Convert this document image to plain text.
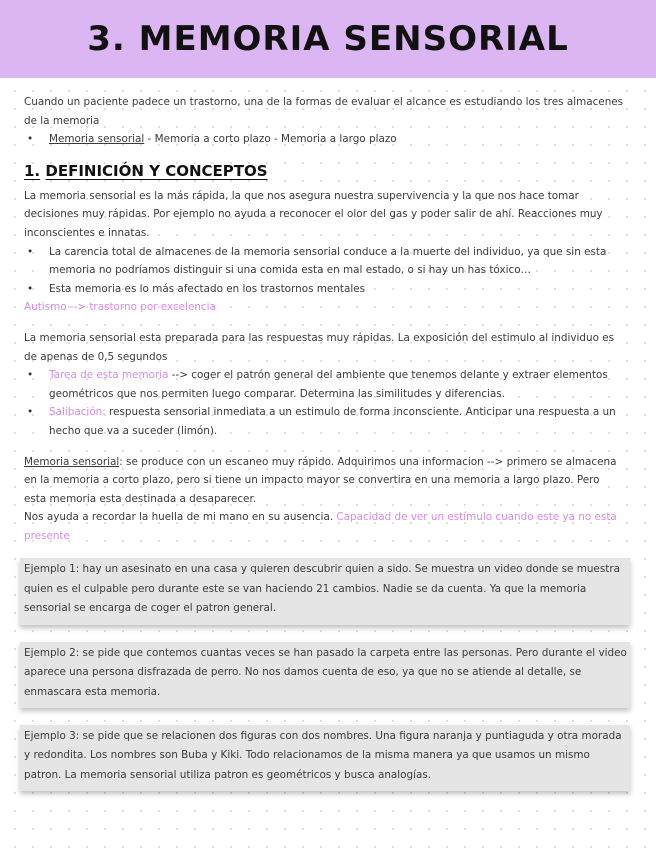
3. MEMORIA SENSORIAL

Cuando un paciente padece un trastorno, una de la formas de evaluar el alcance es estudiando los tres almacenes de la memoria

• Memoria sensorial - Memoria a corto plazo - Memoria a largo plazo
1. DEFINICIÓN Y CONCEPTOS

La memoria sensorial es la más rápida, la que nos asegura nuestra supervivencia y la que nos hace tomar decisiones muy rápidas. Por ejemplo no ayuda a reconocer el olor del gas y poder salir de ahí. Reacciones muy inconscientes e innatas.

• La carencia total de almacenes de la memoria sensorial conduce a la muerte del individuo, ya que sin esta memoria no podríamos distinguir si una comida esta en mal estado, o si hay un has tóxico…
• Esta memoria es lo más afectado en los trastornos mentales

Autismo --> trastorno por excelencia

La memoria sensorial esta preparada para las respuestas muy rápidas. La exposición del estimulo al individuo es de apenas de 0,5 segundos

• Tarea de esta memoria --> coger el patrón general del ambiente que tenemos delante y extraer elementos geométricos que nos permiten luego comparar. Determina las similitudes y diferencias.
• Salibación: respuesta sensorial inmediata a un estimulo de forma inconsciente. Anticipar una respuesta a un hecho que va a suceder (limón).

Memoria sensorial: se produce con un escaneo muy rápido. Adquirimos una informacion --> primero se almacena en la memoria a corto plazo, pero si tiene un impacto mayor se convertira en una memoria a largo plazo. Pero esta memoria esta destinada a desaparecer.

Nos ayuda a recordar la huella de mi mano en su ausencia. Capacidad de ver un estímulo cuando este ya no esta presente

Ejemplo 1: hay un asesinato en una casa y quieren descubrir quien a sido. Se muestra un video donde se muestra quien es el culpable pero durante este se van haciendo 21 cambios. Nadie se da cuenta. Ya que la memoria sensorial se encarga de coger el patron general.

Ejemplo 2: se pide que contemos cuantas veces se han pasado la carpeta entre las personas. Pero durante el video aparece una persona disfrazada de perro. No nos damos cuenta de eso, ya que no se atiende al detalle, se enmascara esta memoria.

Ejemplo 3: se pide que se relacionen dos figuras con dos nombres. Una figura naranja y puntiaguda y otra morada y redondita. Los nombres son Buba y Kiki. Todo relacionamos de la misma manera ya que usamos un mismo patron. La memoria sensorial utiliza patron es geométricos y busca analogías.
